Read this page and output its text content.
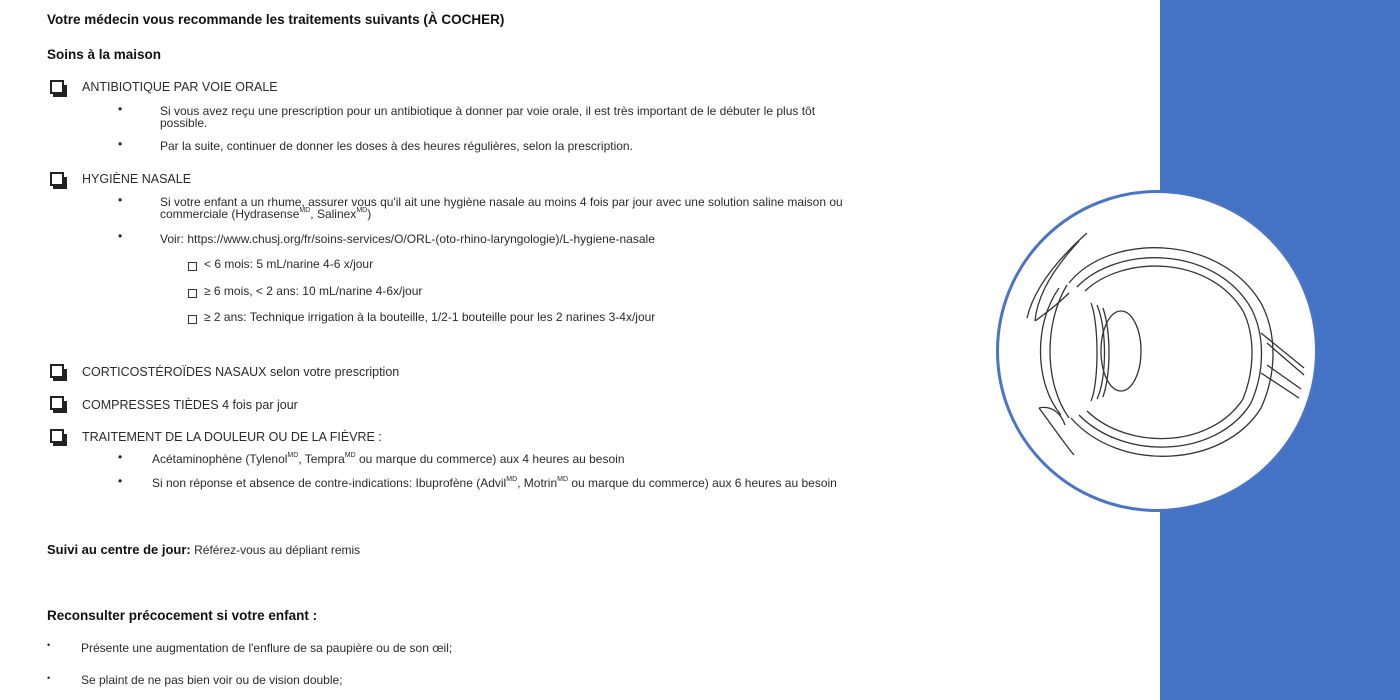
Votre médecin vous recommande les traitements suivants (À COCHER)
Soins à la maison
ANTIBIOTIQUE PAR VOIE ORALE
•	Si vous avez reçu une prescription pour un antibiotique à donner par voie orale, il est très important de le débuter le plus tôt
possible.
•	Par la suite, continuer de donner les doses à des heures régulières, selon la prescription.
HYGIÈNE NASALE
•	Si votre enfant a un rhume, assurer vous qu'il ait une hygiène nasale au moins 4 fois par jour avec une solution saline maison ou
commerciale (Hydrasense$^{MD}$, Salinex$^{MD}$)
•	Voir: https://www.chusj.org/fr/soins-services/O/ORL-(oto-rhino-laryngologie)/L-hygiene-nasale
< 6 mois: 5 mL/narine 4-6 x/jour
≥ 6 mois, < 2 ans: 10 mL/narine 4-6x/jour
≥ 2 ans: Technique irrigation à la bouteille, 1/2-1 bouteille pour les 2 narines 3-4x/jour
CORTICOSTÉROÏDES NASAUX selon votre prescription
COMPRESSES TIÈDES 4 fois par jour
TRAITEMENT DE LA DOULEUR OU DE LA FIÈVRE :
• Acétaminophène (Tylenol$^{MD}$, Tempra$^{MD}$ ou marque du commerce) aux 4 heures au besoin
• Si non réponse et absence de contre-indications: Ibuprofène (Advil$^{MD}$, Motrin$^{MD}$ ou marque du commerce) aux 6 heures au besoin
Suivi au centre de jour: Référez-vous au dépliant remis
Reconsulter précocement si votre enfant :
•	Présente une augmentation de l'enflure de sa paupière ou de son œil;
•	Se plaint de ne pas bien voir ou de vision double;
